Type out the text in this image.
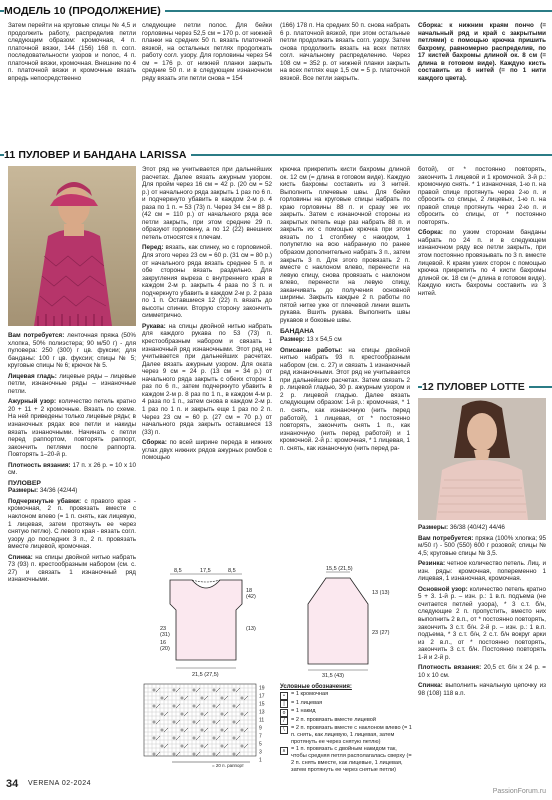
МОДЕЛЬ 10 (ПРОДОЛЖЕНИЕ)

Затем перейти на круговые спицы № 4,5 и продолжить работу, распределив петли следующим образом: кромочная, 4 п. платочной вязки, 144 (156) 168 п. согл. последовательности узоров и полос, 4 п. платочной вязки, кромочная. Внешние по 4 п. платочной вязки и кромочные вязать впредь непосредственно

следующие петли полос. Для бейки горловины через 52,5 см = 170 р. от нижней планки на средних 50 п. вязать платочной вязкой, на остальных петлях продолжать работу согл. узору. Для горловины через 54 см = 176 р. от нижней планки закрыть средние 50 п. и в следующем изнаночном ряду вязать эти петли снова = 154

(166) 178 п. На средних 50 п. снова набрать 6 р. платочной вязкой, при этом остальные петли продолжать вязать согл. узору. Затем снова продолжить вязать на всех петлях согл. начальному распределению. Через 108 см = 352 р. от нижней планки закрыть на всех петлях еще 1,5 см = 5 р. платочной вязкой. Все петли закрыть.

Сборка: к нижним краям пончо (= начальный ряд и край с закрытыми петлями) с помощью крючка пришить бахрому, равномерно распределив, по 17 кистей бахромы длиной ок. 8 см (= длина в готовом виде). Каждую кисть составить из 6 нитей (= по 1 нити каждого цвета).

11 ПУЛОВЕР И БАНДАНА LARISSA

Вам потребуется: ленточная пряжа (50% хлопка, 50% полиэстера; 90 м/50 г) - для пуловера: 250 (300) г цв. фуксии; для банданы: 100 г цв. фуксии; спицы № 5; круговые спицы № 6; крючок № 5.

Лицевая гладь: лицевые ряды – лицевые петли, изнаночные ряды – изнаночные петли.

Ажурный узор: количество петель кратно 20 + 11 + 2 кромочные. Вязать по схеме. На ней приведены только лицевые ряды; в изнаночных рядах все петли и накиды вязать изнаночными. Начинать с петли перед раппортом, повторять раппорт, закончить петлями после раппорта. Повторять 1–20-й р.

Плотность вязания: 17 п. х 26 р. = 10 х 10 см.

ПУЛОВЕР

Размеры: 34/36 (42/44)

Подчеркнутые убавки: с правого края - кромочная, 2 п. провязать вместе с наклоном влево (= 1 п. снять, как лицевую, 1 лицевая, затем протянуть ее через снятую петлю). С левого края - вязать согл. узору до последних 3 п., 2 п. провязать вместе лицевой, кромочная.

Спинка: на спицы двойной нитью набрать 73 (93) п. крестообразным набором (см. с. 27) и связать 1 изнаночный ряд изнаночными.

Этот ряд не учитывается при дальнейших расчетах. Далее вязать ажурным узором. Для пройм через 16 см = 42 р. (20 см = 52 р.) от начального ряда закрыть 1 раз по 6 п. и подчеркнуто убавить в каждом 2-м р. 4 раза по 1 п. = 53 (73) п. Через 34 см = 88 р. (42 см = 110 р.) от начального ряда все петли закрыть, при этом средние 29 п. образуют горловину, а по 12 (22) внешних петель относятся к плечам.

Перед: вязать, как спинку, но с горловиной. Для этого через 23 см = 60 р. (31 см = 80 р.) от начального ряда вязать среднее 5 п. и обе стороны вязать раздельно. Для закругления выреза с внутреннего края в каждом 2-м р. закрыть 4 раза по 3 п. и подчеркнуто убавить в каждом 2-м р. 2 раза по 1 п. Оставшиеся 12 (22) п. вязать до высоты спинки. Вторую сторону закончить симметрично.

Рукава: на спицы двойной нитью набрать для каждого рукава по 53 (73) п. крестообразным набором и связать 1 изнаночный ряд изнаночными. Этот ряд не учитывается при дальнейших расчетах. Далее вязать ажурным узором. Для оката через 9 см = 24 р. (13 см = 34 р.) от начального ряда закрыть с обеих сторон 1 раз по 6 п., затем подчеркнуто убавить в каждом 2-м р. 8 раз по 1 п., в каждом 4-м р. 4 раза по 1 п., затем снова в каждом 2-м р. 1 раз по 1 п. и закрыть еще 1 раз по 2 п. Через 23 см = 60 р. (27 см = 70 р.) от начального ряда закрыть оставшиеся 13 (33) п.

Сборка: по всей ширине переда в нижних углах двух нижних рядов ажурных ромбов с помощью

крючка прикрепить кисти бахромы длиной ок. 12 см (= длина в готовом виде). Каждую кисть бахромы составить из 3 нитей. Выполнить плечевые швы. Для бейки горловины на круговые спицы набрать по краю горловины 88 п. и сразу же их закрыть. Затем с изнаночной стороны из закрытых петель еще раз набрать 88 п. и закрыть их с помощью крючка при этом вязать по 1 столбику с накидом, 1 полупетлю на всю набранную по ранее образом дополнительно набрать 3 п., затем закрыть 3 п. Для этого провязать 2 п. вместе с наклоном влево, перенести на левую спицу, снова провязать с наклоном влево, перенести на левую спицу, заканчивать до получения основной ширины. Закрыть каждые 2 п. работы по пятой нитке уже от плечевой линии вшить рукава. Вшить рукава. Выполнить швы рукавов и боковые швы.

БАНДАНА

Размер: 13 х 54,5 см

Описание работы: на спицы двойной нитью набрать 93 п. крестообразным набором (см. с. 27) и связать 1 изнаночный ряд изнаночными. Этот ряд не учитывается при дальнейших расчетах. Затем связать 2 р. лицевой гладью, 30 р. ажурным узором и 2 р. лицевой гладью. Далее вязать следующим образом: 1-й р.: кромочная, * 1 п. снять, как изнаночную (нить перед работой), 1 лицевая, от * постоянно повторять, закончить снять 1 п., как изнаночную (нить перед работой) и 1 кромочной. 2-й р.: кромочная, * 1 лицевая, 1 п. снять, как изнаночную (нить перед ра-

ботой), от * постоянно повторять, закончить 1 лицевой и 1 кромочной. 3-й р.: кромочную снять. * 1 изнаночная, 1-ю п. на правой спице протянуть через 2-ю п. и сбросить со спицы, 2 лицевых, 1-ю п. на правой спице протянуть через 2-ю п. и сбросить со спицы, от * постоянно повторять.

Сборка: по узким сторонам банданы набрать по 24 п. и в следующем изнаночном ряду все петли закрыть, при этом постоянно провязывать по 3 п. вместе лицевой. К краям узких сторон с помощью крючка прикрепить по 4 кисти бахромы длиной ок. 18 см (= длина в готовом виде). Каждую кисть бахромы составить из 3 нитей.

12 ПУЛОВЕР LOTTE

Размеры: 36/38 (40/42) 44/46

Вам потребуется: пряжа (100% хлопка; 95 м/50 г) - 500 (550) 600 г розовой; спицы № 4,5; круговые спицы № 3,5.

Резинка: четное количество петель. Лиц. и изн. ряды: кромочная, попеременно 1 лицевая, 1 изнаночная, кромочная.

Основной узор: количество петель кратно 5 + 3. 1-й р. – изн. р.: 1 в.п. подъема (не считается петлей узора), * 3 с.т. б/н, следующие 2 п. пропустить, вместо них выполнить 2 в.п., от * постоянно повторять, закончить 3 с.т. б/н. 2-й р. – изн. р.: 1 в.п. подъема, * 3 с.т. б/н, 2 с.т. б/н вокруг арки из 2 в.п., от * постоянно повторять, закончить 3 с.т. б/н. Постоянно повторять 1-й и 2-й р.

Плотность вязания: 20,5 ст. б/н х 24 р. = 10 х 10 см.

Спинка: выполнить начальную цепочку из 98 (108) 118 в.п.

8,5	17,5	8,5
18
(42)
23
(31)
16
(20)
21,5 (27,5)
(13)
15,5 (21,5)
13 (13)
23 (27)
31,5 (43)
19
17
15
13
11
9
7
5
3
1
= 20 п. раппорт
Условные обозначения:
•	= 1 кромочная
|	= 1 лицевая
o	= 1 накид
/	= 2 п. провязать вместе лицевой
\	= 2 п. провязать вместе с наклоном влево (= 1 п. снять, как лицевую, 1 лицевая, затем протянуть ее через снятую петлю)
∧ = 1 п. провязать с двойным накидом так, чтобы средняя петля располагалась сверху (= 2 п. снять вместе, как лицевые, 1 лицевая, затем протянуть ее через снятые петли)
34 VERENA 02-2024
PassionForum.ru
